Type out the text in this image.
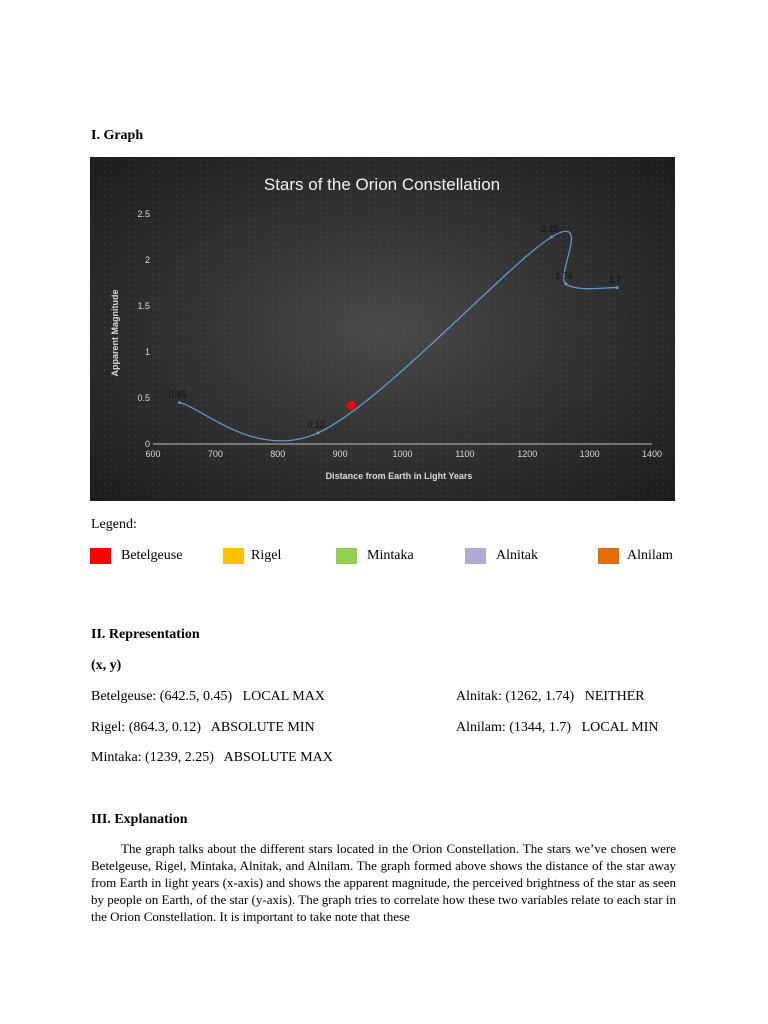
I. Graph
Stars of the Orion Constellation
Distance from Earth in Light Years
Apparent Magnitude
600	700	800	900	1000	1100	1200	1300	1400
0
0.5
1
1.5
2
2.5
0.45
0.12
2.25
1.74	1.7
Legend:
Betelgeuse	Rigel	Mintaka	Alnitak	Alnilam
II. Representation
(x, y)
Betelgeuse: (642.5, 0.45)   LOCAL MAX
Rigel: (864.3, 0.12)   ABSOLUTE MIN
Mintaka: (1239, 2.25)   ABSOLUTE MAX
Alnitak: (1262, 1.74)   NEITHER
Alnilam: (1344, 1.7)   LOCAL MIN
III. Explanation
The graph talks about the different stars located in the Orion Constellation. The stars we’ve chosen were Betelgeuse, Rigel, Mintaka, Alnitak, and Alnilam. The graph formed above shows the distance of the star away from Earth in light years (x-axis) and shows the apparent magnitude, the perceived brightness of the star as seen by people on Earth, of the star (y-axis). The graph tries to correlate how these two variables relate to each star in the Orion Constellation. It is important to take note that these
